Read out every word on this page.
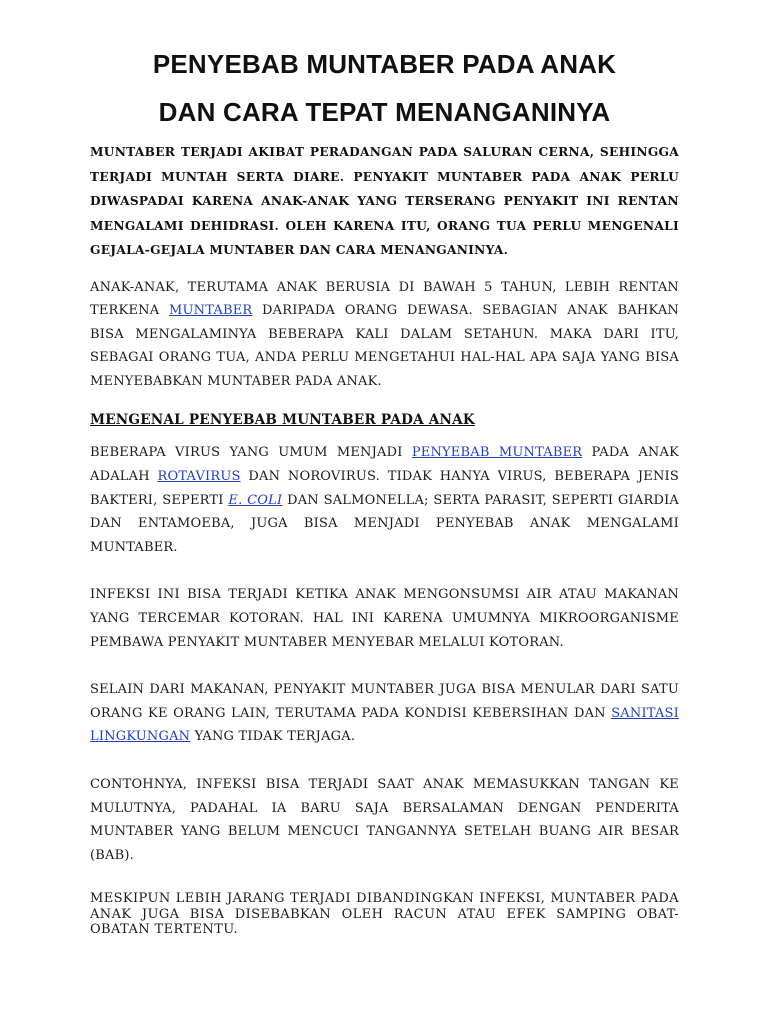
PENYEBAB MUNTABER PADA ANAK
DAN CARA TEPAT MENANGANINYA

MUNTABER TERJADI AKIBAT PERADANGAN PADA SALURAN CERNA, SEHINGGA TERJADI MUNTAH SERTA DIARE. PENYAKIT MUNTABER PADA ANAK PERLU DIWASPADAI KARENA ANAK-ANAK YANG TERSERANG PENYAKIT INI RENTAN MENGALAMI DEHIDRASI. OLEH KARENA ITU, ORANG TUA PERLU MENGENALI GEJALA-GEJALA MUNTABER DAN CARA MENANGANINYA.

ANAK-ANAK, TERUTAMA ANAK BERUSIA DI BAWAH 5 TAHUN, LEBIH RENTAN TERKENA MUNTABER DARIPADA ORANG DEWASA. SEBAGIAN ANAK BAHKAN BISA MENGALAMINYA BEBERAPA KALI DALAM SETAHUN. MAKA DARI ITU, SEBAGAI ORANG TUA, ANDA PERLU MENGETAHUI HAL-HAL APA SAJA YANG BISA MENYEBABKAN MUNTABER PADA ANAK.

MENGENAL PENYEBAB MUNTABER PADA ANAK

BEBERAPA VIRUS YANG UMUM MENJADI PENYEBAB MUNTABER PADA ANAK ADALAH ROTAVIRUS DAN NOROVIRUS. TIDAK HANYA VIRUS, BEBERAPA JENIS BAKTERI, SEPERTI E. COLI DAN SALMONELLA; SERTA PARASIT, SEPERTI GIARDIA DAN ENTAMOEBA, JUGA BISA MENJADI PENYEBAB ANAK MENGALAMI MUNTABER.

INFEKSI INI BISA TERJADI KETIKA ANAK MENGONSUMSI AIR ATAU MAKANAN YANG TERCEMAR KOTORAN. HAL INI KARENA UMUMNYA MIKROORGANISME PEMBAWA PENYAKIT MUNTABER MENYEBAR MELALUI KOTORAN.

SELAIN DARI MAKANAN, PENYAKIT MUNTABER JUGA BISA MENULAR DARI SATU ORANG KE ORANG LAIN, TERUTAMA PADA KONDISI KEBERSIHAN DAN SANITASI LINGKUNGAN YANG TIDAK TERJAGA.

CONTOHNYA, INFEKSI BISA TERJADI SAAT ANAK MEMASUKKAN TANGAN KE MULUTNYA, PADAHAL IA BARU SAJA BERSALAMAN DENGAN PENDERITA MUNTABER YANG BELUM MENCUCI TANGANNYA SETELAH BUANG AIR BESAR (BAB).

MESKIPUN LEBIH JARANG TERJADI DIBANDINGKAN INFEKSI, MUNTABER PADA ANAK JUGA BISA DISEBABKAN OLEH RACUN ATAU EFEK SAMPING OBAT-OBATAN TERTENTU.
